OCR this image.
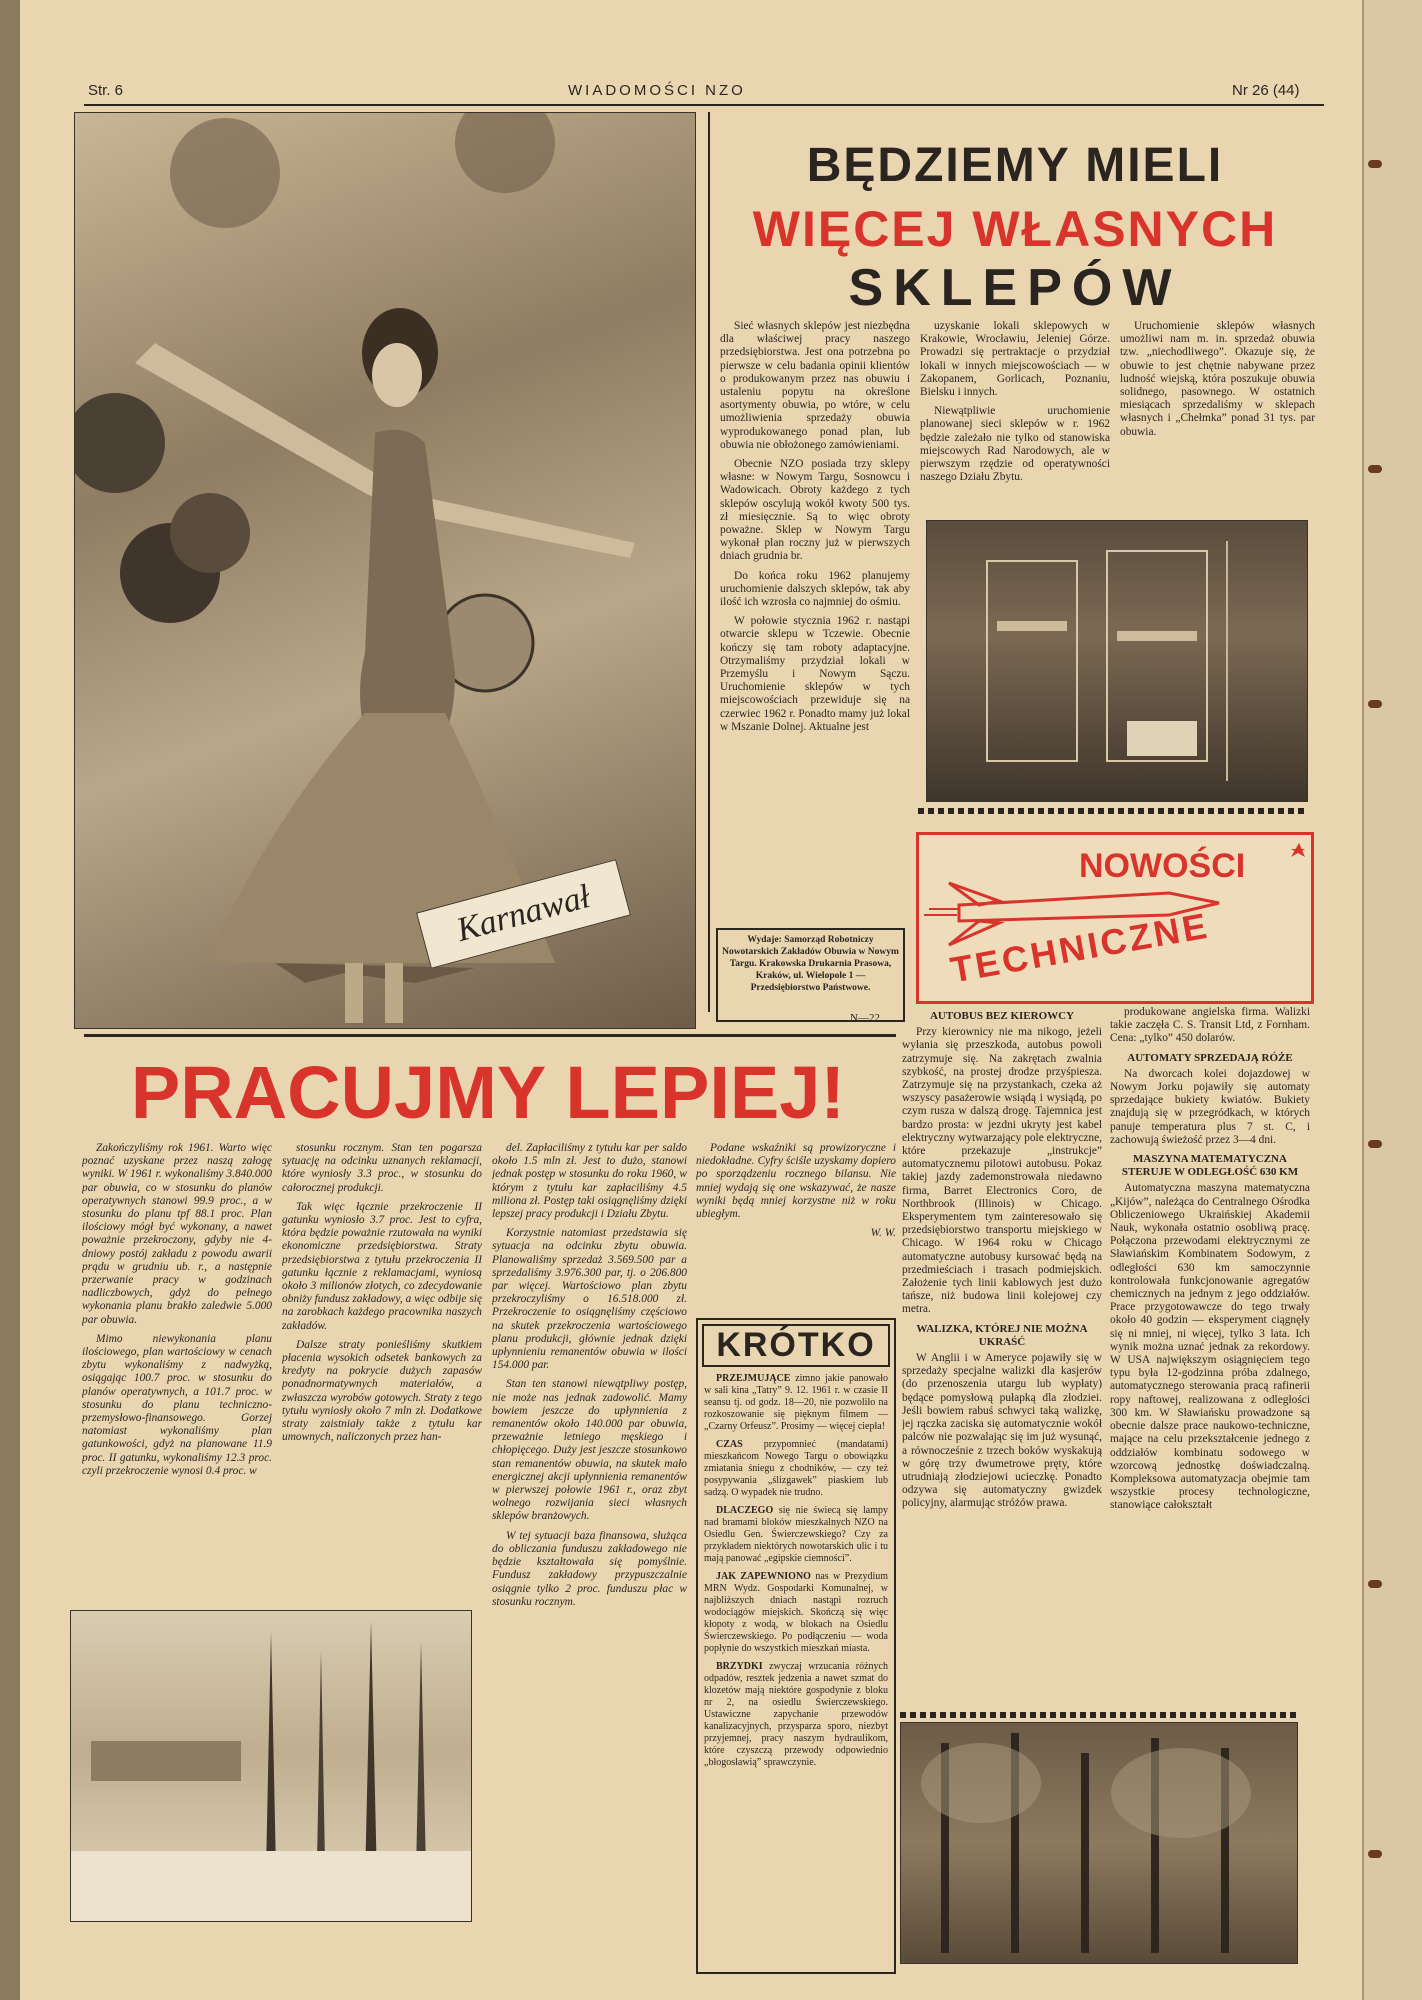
Str. 6	WIADOMOŚCI NZO	Nr 26 (44)
Karnawał
BĘDZIEMY MIELI
WIĘCEJ WŁASNYCH
SKLEPÓW

Sieć własnych sklepów jest niezbędna dla właściwej pracy naszego przedsiębiorstwa. Jest ona potrzebna po pierwsze w celu badania opinii klientów o produkowanym przez nas obuwiu i ustaleniu popytu na określone asortymenty obuwia, po wtóre, w celu umożliwienia sprzedaży obuwia wyprodukowanego ponad plan, lub obuwia nie obłożonego zamówieniami.

Obecnie NZO posiada trzy sklepy własne: w Nowym Targu, Sosnowcu i Wadowicach. Obroty każdego z tych sklepów oscylują wokół kwoty 500 tys. zł miesięcznie. Są to więc obroty poważne. Sklep w Nowym Targu wykonał plan roczny już w pierwszych dniach grudnia br.

Do końca roku 1962 planujemy uruchomienie dalszych sklepów, tak aby ilość ich wzrosła co najmniej do ośmiu.

W połowie stycznia 1962 r. nastąpi otwarcie sklepu w Tczewie. Obecnie kończy się tam roboty adaptacyjne. Otrzymaliśmy przydział lokali w Przemyślu i Nowym Sączu. Uruchomienie sklepów w tych miejscowościach przewiduje się na czerwiec 1962 r. Ponadto mamy już lokal w Mszanie Dolnej. Aktualne jest

uzyskanie lokali sklepowych w Krakowie, Wrocławiu, Jeleniej Górze. Prowadzi się pertraktacje o przydział lokali w innych miejscowościach — w Zakopanem, Gorlicach, Poznaniu, Bielsku i innych.

Niewątpliwie uruchomienie planowanej sieci sklepów w r. 1962 będzie zależało nie tylko od stanowiska miejscowych Rad Narodowych, ale w pierwszym rzędzie od operatywności naszego Działu Zbytu.

Uruchomienie sklepów własnych umożliwi nam m. in. sprzedaż obuwia tzw. „niechodliwego”. Okazuje się, że obuwie to jest chętnie nabywane przez ludność wiejską, która poszukuje obuwia solidnego, pasownego. W ostatnich miesiącach sprzedaliśmy w sklepach własnych i „Chełmka” ponad 31 tys. par obuwia.

Wydaje: Samorząd Robotniczy Nowotarskich Zakładów Obuwia w Nowym Targu. Krakowska Drukarnia Prasowa, Kraków, ul. Wielopole 1 — Przedsiębiorstwo Państwowe.
N—22
NOWOŚCI
TECHNICZNE
PRACUJMY LEPIEJ!

Zakończyliśmy rok 1961. Warto więc poznać uzyskane przez naszą załogę wyniki. W 1961 r. wykonaliśmy 3.840.000 par obuwia, co w stosunku do planów operatywnych stanowi 99.9 proc., a w stosunku do planu tpf 88.1 proc. Plan ilościowy mógł być wykonany, a nawet poważnie przekroczony, gdyby nie 4-dniowy postój zakładu z powodu awarii prądu w grudniu ub. r., a następnie przerwanie pracy w godzinach nadliczbowych, gdyż do pełnego wykonania planu brakło zaledwie 5.000 par obuwia.

Mimo niewykonania planu ilościowego, plan wartościowy w cenach zbytu wykonaliśmy z nadwyżką, osiągając 100.7 proc. w stosunku do planów operatywnych, a 101.7 proc. w stosunku do planu techniczno-przemysłowo-finansowego. Gorzej natomiast wykonaliśmy plan gatunkowości, gdyż na planowane 11.9 proc. II gatunku, wykonaliśmy 12.3 proc. czyli przekroczenie wynosi 0.4 proc. w

stosunku rocznym. Stan ten pogarsza sytuację na odcinku uznanych reklamacji, które wyniosły 3.3 proc., w stosunku do całorocznej produkcji.

Tak więc łącznie przekroczenie II gatunku wyniosło 3.7 proc. Jest to cyfra, która będzie poważnie rzutowała na wyniki ekonomiczne przedsiębiorstwa. Straty przedsiębiorstwa z tytułu przekroczenia II gatunku łącznie z reklamacjami, wyniosą około 3 milionów złotych, co zdecydowanie obniży fundusz zakładowy, a więc odbije się na zarobkach każdego pracownika naszych zakładów.

Dalsze straty ponieśliśmy skutkiem płacenia wysokich odsetek bankowych za kredyty na pokrycie dużych zapasów ponadnormatywnych materiałów, a zwłaszcza wyrobów gotowych. Straty z tego tytułu wyniosły około 7 mln zł. Dodatkowe straty zaistniały także z tytułu kar umownych, naliczonych przez han-

del. Zapłaciliśmy z tytułu kar per saldo około 1.5 mln zł. Jest to dużo, stanowi jednak postęp w stosunku do roku 1960, w którym z tytułu kar zapłaciliśmy 4.5 miliona zł. Postęp taki osiągnęliśmy dzięki lepszej pracy produkcji i Działu Zbytu.

Korzystnie natomiast przedstawia się sytuacja na odcinku zbytu obuwia. Planowaliśmy sprzedaż 3.569.500 par a sprzedaliśmy 3.976.300 par, tj. o 206.800 par więcej. Wartościowo plan zbytu przekroczyliśmy o 16.518.000 zł. Przekroczenie to osiągnęliśmy częściowo na skutek przekroczenia wartościowego planu produkcji, głównie jednak dzięki upłynnieniu remanentów obuwia w ilości 154.000 par.

Stan ten stanowi niewątpliwy postęp, nie może nas jednak zadowolić. Mamy bowiem jeszcze do upłynnienia z remanentów około 140.000 par obuwia, przeważnie letniego męskiego i chłopięcego. Duży jest jeszcze stosunkowo stan remanentów obuwia, na skutek mało energicznej akcji upłynnienia remanentów w pierwszej połowie 1961 r., oraz zbyt wolnego rozwijania sieci własnych sklepów branżowych.

W tej sytuacji baza finansowa, służąca do obliczania funduszu zakładowego nie będzie kształtowała się pomyślnie. Fundusz zakładowy przypuszczalnie osiągnie tylko 2 proc. funduszu płac w stosunku rocznym.

Podane wskaźniki są prowizoryczne i niedokładne. Cyfry ściśle uzyskamy dopiero po sporządzeniu rocznego bilansu. Nie mniej wydają się one wskazywać, że nasze wyniki będą mniej korzystne niż w roku ubiegłym.

W. W.

KRÓTKO

PRZEJMUJĄCE zimno jakie panowało w sali kina „Tatry” 9. 12. 1961 r. w czasie II seansu tj. od godz. 18—20, nie pozwoliło na rozkoszowanie się pięknym filmem — „Czarny Orfeusz”. Prosimy — więcej ciepła!

CZAS przypomnieć (mandatami) mieszkańcom Nowego Targu o obowiązku zmiatania śniegu z chodników, — czy też posypywania „ślizgawek” piaskiem lub sadzą. O wypadek nie trudno.

DLACZEGO się nie świecą się lampy nad bramami bloków mieszkalnych NZO na Osiedlu Gen. Świerczewskiego? Czy za przykładem niektórych nowotarskich ulic i tu mają panować „egipskie ciemności”.

JAK ZAPEWNIONO nas w Prezydium MRN Wydz. Gospodarki Komunalnej, w najbliższych dniach nastąpi rozruch wodociągów miejskich. Skończą się więc kłopoty z wodą, w blokach na Osiedlu Świerczewskiego. Po podłączeniu — woda popłynie do wszystkich mieszkań miasta.

BRZYDKI zwyczaj wrzucania różnych odpadów, resztek jedzenia a nawet szmat do klozetów mają niektóre gospodynie z bloku nr 2, na osiedlu Świerczewskiego. Ustawiczne zapychanie przewodów kanalizacyjnych, przysparza sporo, niezbyt przyjemnej, pracy naszym hydraulikom, które czyszczą przewody odpowiednio „błogosławią” sprawczynie.

AUTOBUS BEZ KIEROWCY

Przy kierownicy nie ma nikogo, jeżeli wyłania się przeszkoda, autobus powoli zatrzymuje się. Na zakrętach zwalnia szybkość, na prostej drodze przyśpiesza. Zatrzymuje się na przystankach, czeka aż wszyscy pasażerowie wsiądą i wysiądą, po czym rusza w dalszą drogę. Tajemnica jest bardzo prosta: w jezdni ukryty jest kabel elektryczny wytwarzający pole elektryczne, które przekazuje „instrukcje” automatycznemu pilotowi autobusu. Pokaz takiej jazdy zademonstrowała niedawno firma, Barret Electronics Coro, de Northbrook (Illinois) w Chicago. Eksperymentem tym zainteresowało się przedsiębiorstwo transportu miejskiego w Chicago. W 1964 roku w Chicago automatyczne autobusy kursować będą na przedmieściach i trasach podmiejskich. Założenie tych linii kablowych jest dużo tańsze, niż budowa linii kolejowej czy metra.

WALIZKA, KTÓREJ NIE MOŻNA UKRAŚĆ

W Anglii i w Ameryce pojawiły się w sprzedaży specjalne walizki dla kasjerów (do przenoszenia utargu lub wypłaty) będące pomysłową pułapką dla złodziei. Jeśli bowiem rabuś schwyci taką walizkę, jej rączka zaciska się automatycznie wokół palców nie pozwalając się im już wysunąć, a równocześnie z trzech boków wyskakują w górę trzy dwumetrowe pręty, które utrudniają złodziejowi ucieczkę. Ponadto odzywa się automatyczny gwizdek policyjny, alarmując stróżów prawa.

produkowane angielska firma. Walizki takie zaczęła C. S. Transit Ltd, z Fornham. Cena: „tylko” 450 dolarów.

AUTOMATY SPRZEDAJĄ RÓŻE

Na dworcach kolei dojazdowej w Nowym Jorku pojawiły się automaty sprzedające bukiety kwiatów. Bukiety znajdują się w przegródkach, w których panuje temperatura plus 7 st. C, i zachowują świeżość przez 3—4 dni.

MASZYNA MATEMATYCZNA STERUJE W ODLEGŁOŚĆ 630 KM

Automatyczna maszyna matematyczna „Kijów”, należąca do Centralnego Ośrodka Obliczeniowego Ukraińskiej Akademii Nauk, wykonała ostatnio osobliwą pracę. Połączona przewodami elektrycznymi ze Sławiańskim Kombinatem Sodowym, z odległości 630 km samoczynnie kontrolowała funkcjonowanie agregatów chemicznych na jednym z jego oddziałów. Prace przygotowawcze do tego trwały około 40 godzin — eksperyment ciągnęły się ni mniej, ni więcej, tylko 3 lata. Ich wynik można uznać jednak za rekordowy. W USA największym osiągnięciem tego typu była 12-godzinna próba zdalnego, automatycznego sterowania pracą rafinerii ropy naftowej, realizowana z odległości 300 km. W Sławiańsku prowadzone są obecnie dalsze prace naukowo-techniczne, mające na celu przekształcenie jednego z oddziałów kombinatu sodowego w wzorcową jednostkę doświadczalną. Kompleksowa automatyzacja obejmie tam wszystkie procesy technologiczne, stanowiące całokształt
